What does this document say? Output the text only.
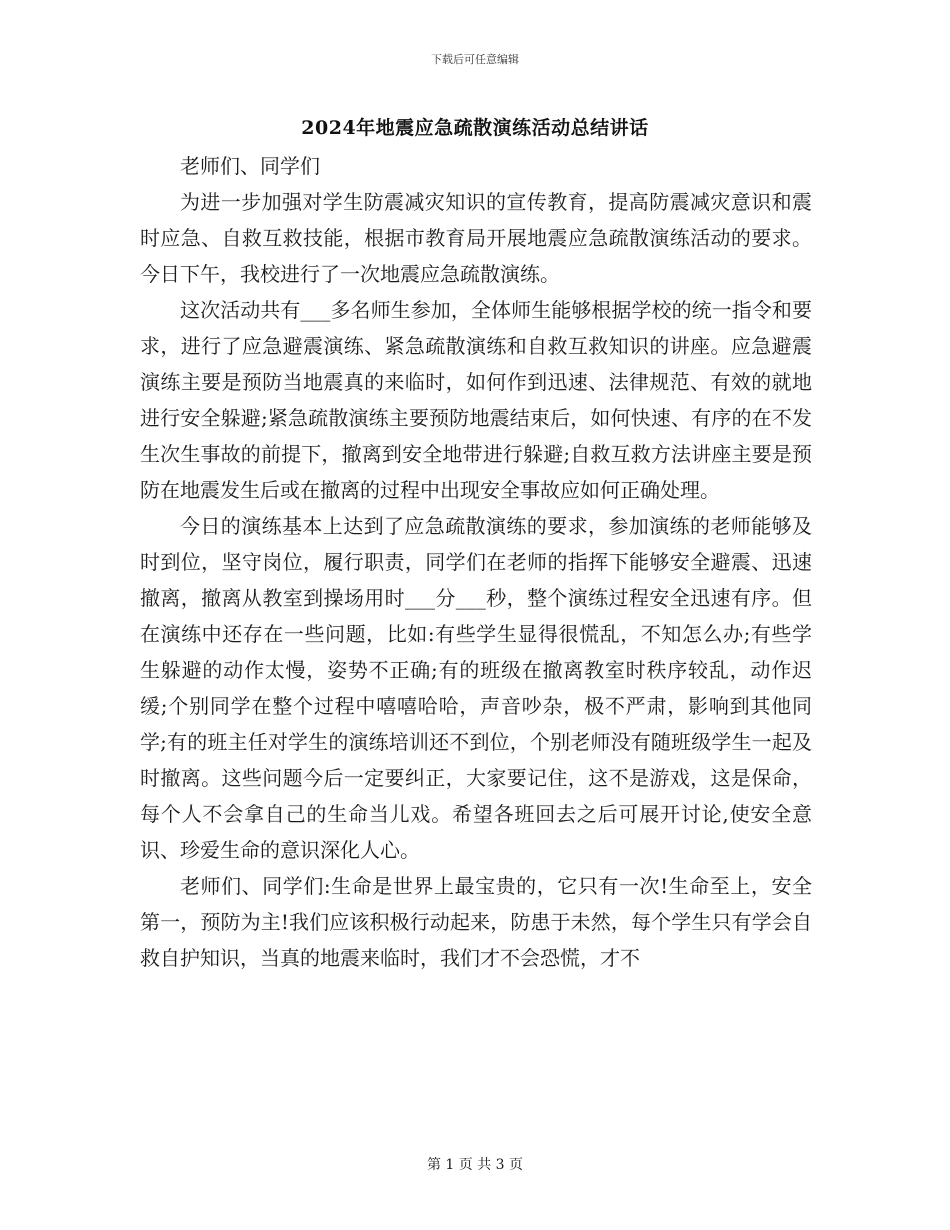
下载后可任意编辑
2024年地震应急疏散演练活动总结讲话

老师们、同学们

为进一步加强对学生防震减灾知识的宣传教育，提高防震减灾意识和震时应急、自救互救技能，根据市教育局开展地震应急疏散演练活动的要求。今日下午，我校进行了一次地震应急疏散演练。

这次活动共有___多名师生参加，全体师生能够根据学校的统一指令和要求，进行了应急避震演练、紧急疏散演练和自救互救知识的讲座。应急避震演练主要是预防当地震真的来临时，如何作到迅速、法律规范、有效的就地进行安全躲避;紧急疏散演练主要预防地震结束后，如何快速、有序的在不发生次生事故的前提下，撤离到安全地带进行躲避;自救互救方法讲座主要是预防在地震发生后或在撤离的过程中出现安全事故应如何正确处理。

今日的演练基本上达到了应急疏散演练的要求，参加演练的老师能够及时到位，坚守岗位，履行职责，同学们在老师的指挥下能够安全避震、迅速撤离，撤离从教室到操场用时___分___秒，整个演练过程安全迅速有序。但在演练中还存在一些问题，比如:有些学生显得很慌乱，不知怎么办;有些学生躲避的动作太慢，姿势不正确;有的班级在撤离教室时秩序较乱，动作迟缓;个别同学在整个过程中嘻嘻哈哈，声音吵杂，极不严肃，影响到其他同学;有的班主任对学生的演练培训还不到位，个别老师没有随班级学生一起及时撤离。这些问题今后一定要纠正，大家要记住，这不是游戏，这是保命，每个人不会拿自己的生命当儿戏。希望各班回去之后可展开讨论,使安全意识、珍爱生命的意识深化人心。

老师们、同学们:生命是世界上最宝贵的，它只有一次!生命至上，安全第一，预防为主!我们应该积极行动起来，防患于未然，每个学生只有学会自救自护知识，当真的地震来临时，我们才不会恐慌，才不

第 1 页 共 3 页
